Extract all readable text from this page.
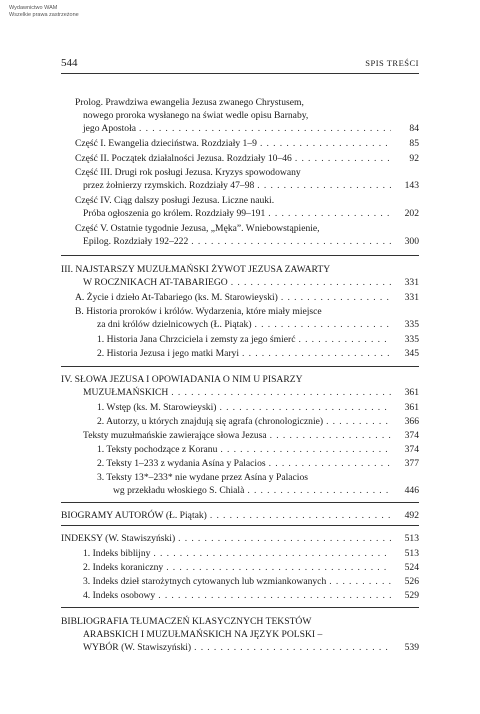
Wydawnictwo WAM
Wszelkie prawa zastrzeżone
544	SPIS TREŚCI
Prolog. Prawdziwa ewangelia Jezusa zwanego Chrystusem,
nowego proroka wysłanego na świat wedle opisu Barnaby,
jego Apostoła . . .	84
Część I. Ewangelia dzieciństwa. Rozdziały 1–9 . . .	85
Część II. Początek działalności Jezusa. Rozdziały 10–46 . . .	92
Część III. Drugi rok posługi Jezusa. Kryzys spowodowany
przez żołnierzy rzymskich. Rozdziały 47–98 . . .	143
Część IV. Ciąg dalszy posługi Jezusa. Liczne nauki.
Próba ogłoszenia go królem. Rozdziały 99–191 . . .	202
Część V. Ostatnie tygodnie Jezusa, „Męka”. Wniebowstąpienie,
Epilog. Rozdziały 192–222 . . .	300
III. NAJSTARSZY MUZUŁMAŃSKI ŻYWOT JEZUSA ZAWARTY
W ROCZNIKACH AT-TABARIEGO . . .	331
A. Życie i dzieło At-Tabariego (ks. M. Starowieyski) . . .	331
B. Historia proroków i królów. Wydarzenia, które miały miejsce
za dni królów dzielnicowych (Ł. Piątak) . . .	335
1. Historia Jana Chrzciciela i zemsty za jego śmierć . . .	335
2. Historia Jezusa i jego matki Maryi . . .	345
IV. SŁOWA JEZUSA I OPOWIADANIA O NIM U PISARZY
MUZUŁMAŃSKICH . . .	361
1. Wstęp (ks. M. Starowieyski) . . .	361
2. Autorzy, u których znajdują się agrafa (chronologicznie) . . .	366
Teksty muzułmańskie zawierające słowa Jezusa . . .	374
1. Teksty pochodzące z Koranu . . .	374
2. Teksty 1–233 z wydania Asína y Palacios . . .	377
3. Teksty 13*–233* nie wydane przez Asína y Palacios
wg przekładu włoskiego S. Chialà . . .	446
BIOGRAMY AUTORÓW (Ł. Piątak) . . .	492
INDEKSY (W. Stawiszyński) . . .	513
1. Indeks biblijny . . .	513
2. Indeks koraniczny . . .	524
3. Indeks dzieł starożytnych cytowanych lub wzmiankowanych . . .	526
4. Indeks osobowy . . .	529
BIBLIOGRAFIA TŁUMACZEŃ KLASYCZNYCH TEKSTÓW
ARABSKICH I MUZUŁMAŃSKICH NA JĘZYK POLSKI –
WYBÓR (W. Stawiszyński) . . .	539
